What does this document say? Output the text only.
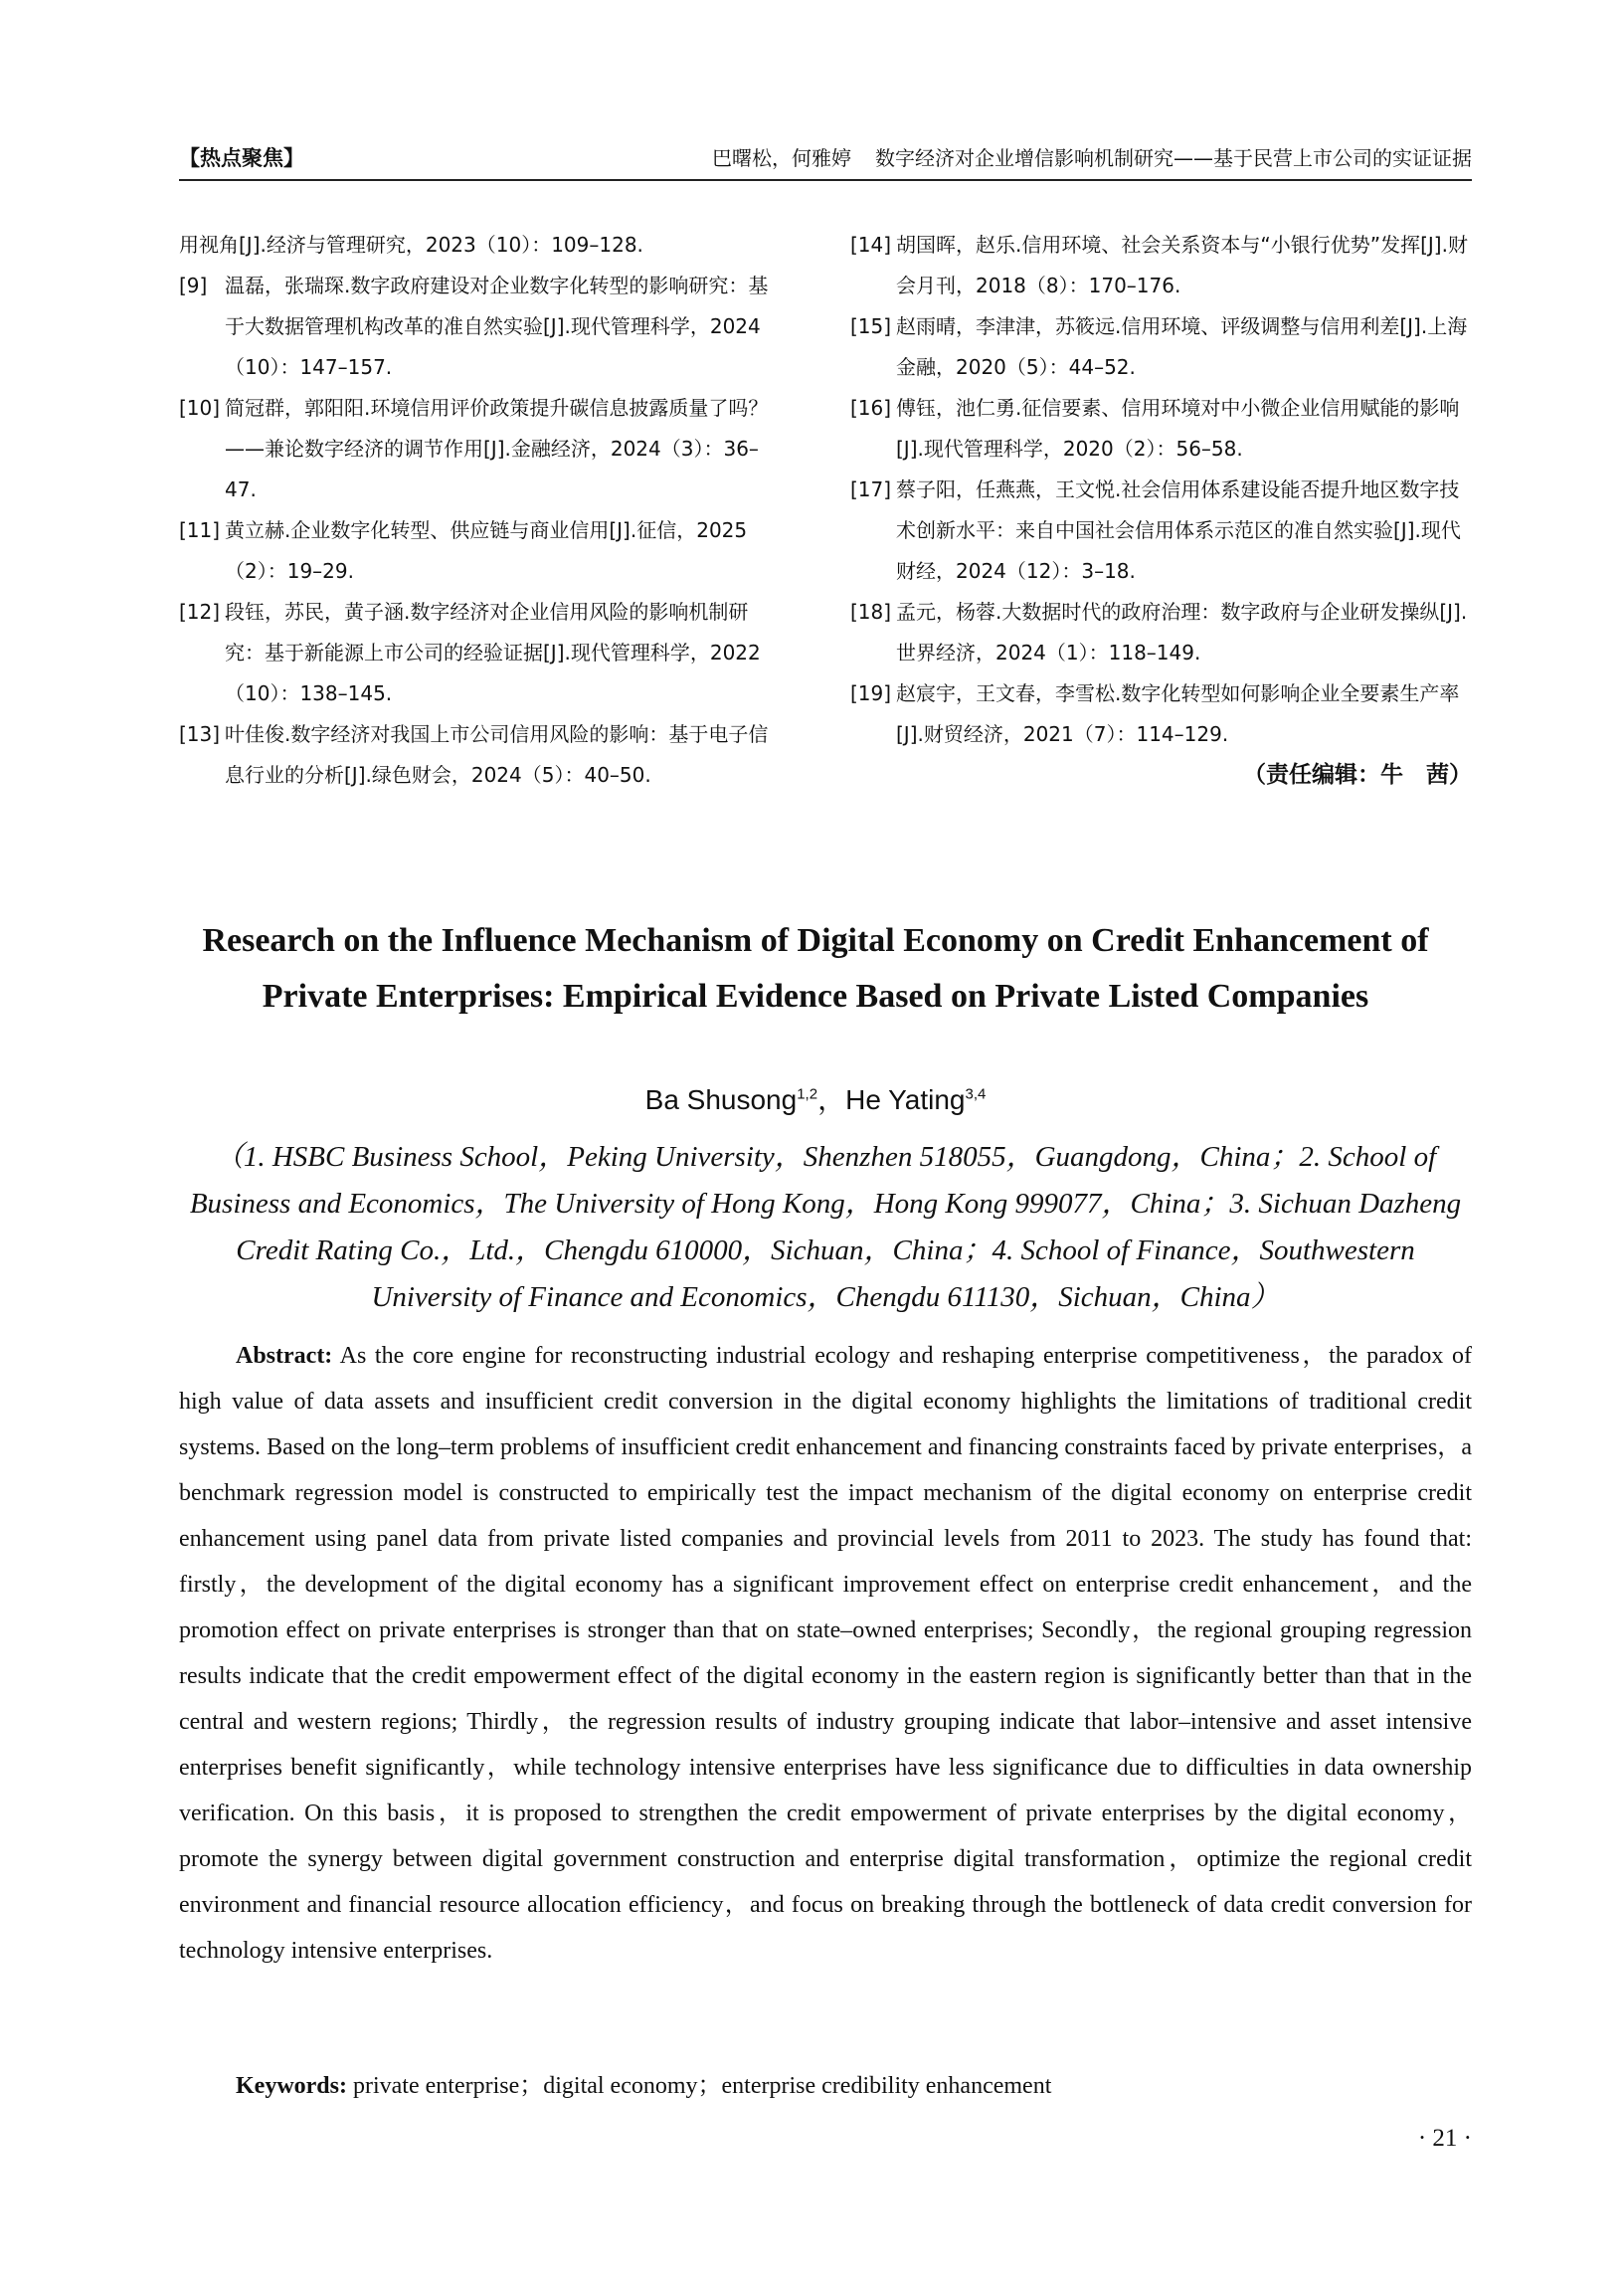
【热点聚焦】	巴曙松，何雅婷 数字经济对企业增信影响机制研究——基于民营上市公司的实证证据

用视角[J].经济与管理研究，2023（10）：109–128.

[9] 温磊，张瑞琛.数字政府建设对企业数字化转型的影响研究：基于大数据管理机构改革的准自然实验[J].现代管理科学，2024（10）：147–157.

[10] 简冠群，郭阳阳.环境信用评价政策提升碳信息披露质量了吗？——兼论数字经济的调节作用[J].金融经济，2024（3）：36–47.

[11] 黄立赫.企业数字化转型、供应链与商业信用[J].征信，2025（2）：19–29.

[12] 段钰，苏民，黄子涵.数字经济对企业信用风险的影响机制研究：基于新能源上市公司的经验证据[J].现代管理科学，2022（10）：138–145.

[13] 叶佳俊.数字经济对我国上市公司信用风险的影响：基于电子信息行业的分析[J].绿色财会，2024（5）：40–50.

[14] 胡国晖，赵乐.信用环境、社会关系资本与“小银行优势”发挥[J].财会月刊，2018（8）：170–176.

[15] 赵雨晴，李津津，苏筱远.信用环境、评级调整与信用利差[J].上海金融，2020（5）：44–52.

[16] 傅钰，池仁勇.征信要素、信用环境对中小微企业信用赋能的影响[J].现代管理科学，2020（2）：56–58.

[17] 蔡子阳，任燕燕，王文悦.社会信用体系建设能否提升地区数字技术创新水平：来自中国社会信用体系示范区的准自然实验[J].现代财经，2024（12）：3–18.

[18] 孟元，杨蓉.大数据时代的政府治理：数字政府与企业研发操纵[J].世界经济，2024（1）：118–149.

[19] 赵宸宇，王文春，李雪松.数字化转型如何影响企业全要素生产率[J].财贸经济，2021（7）：114–129.

（责任编辑：牛　茜）
Research on the Influence Mechanism of Digital Economy on Credit Enhancement of Private Enterprises: Empirical Evidence Based on Private Listed Companies
Ba Shusong$^{1,2}$，He Yating$^{3,4}$
（1. HSBC Business School，Peking University，Shenzhen 518055，Guangdong，China；2. School of Business and Economics，The University of Hong Kong，Hong Kong 999077，China；3. Sichuan Dazheng Credit Rating Co.，Ltd.，Chengdu 610000，Sichuan，China；4. School of Finance，Southwestern University of Finance and Economics，Chengdu 611130，Sichuan，China）
Abstract: As the core engine for reconstructing industrial ecology and reshaping enterprise competitiveness，the paradox of high value of data assets and insufficient credit conversion in the digital economy highlights the limitations of traditional credit systems. Based on the long–term problems of insufficient credit enhancement and financing constraints faced by private enterprises，a benchmark regression model is constructed to empirically test the impact mechanism of the digital economy on enterprise credit enhancement using panel data from private listed companies and provincial levels from 2011 to 2023. The study has found that: firstly，the development of the digital economy has a significant improvement effect on enterprise credit enhancement，and the promotion effect on private enterprises is stronger than that on state–owned enterprises; Secondly，the regional grouping regression results indicate that the credit empowerment effect of the digital economy in the eastern region is significantly better than that in the central and western regions; Thirdly，the regression results of industry grouping indicate that labor–intensive and asset intensive enterprises benefit significantly，while technology intensive enterprises have less significance due to difficulties in data ownership verification. On this basis，it is proposed to strengthen the credit empowerment of private enterprises by the digital economy，promote the synergy between digital government construction and enterprise digital transformation，optimize the regional credit environment and financial resource allocation efficiency，and focus on breaking through the bottleneck of data credit conversion for technology intensive enterprises.
Keywords: private enterprise；digital economy；enterprise credibility enhancement
· 21 ·
